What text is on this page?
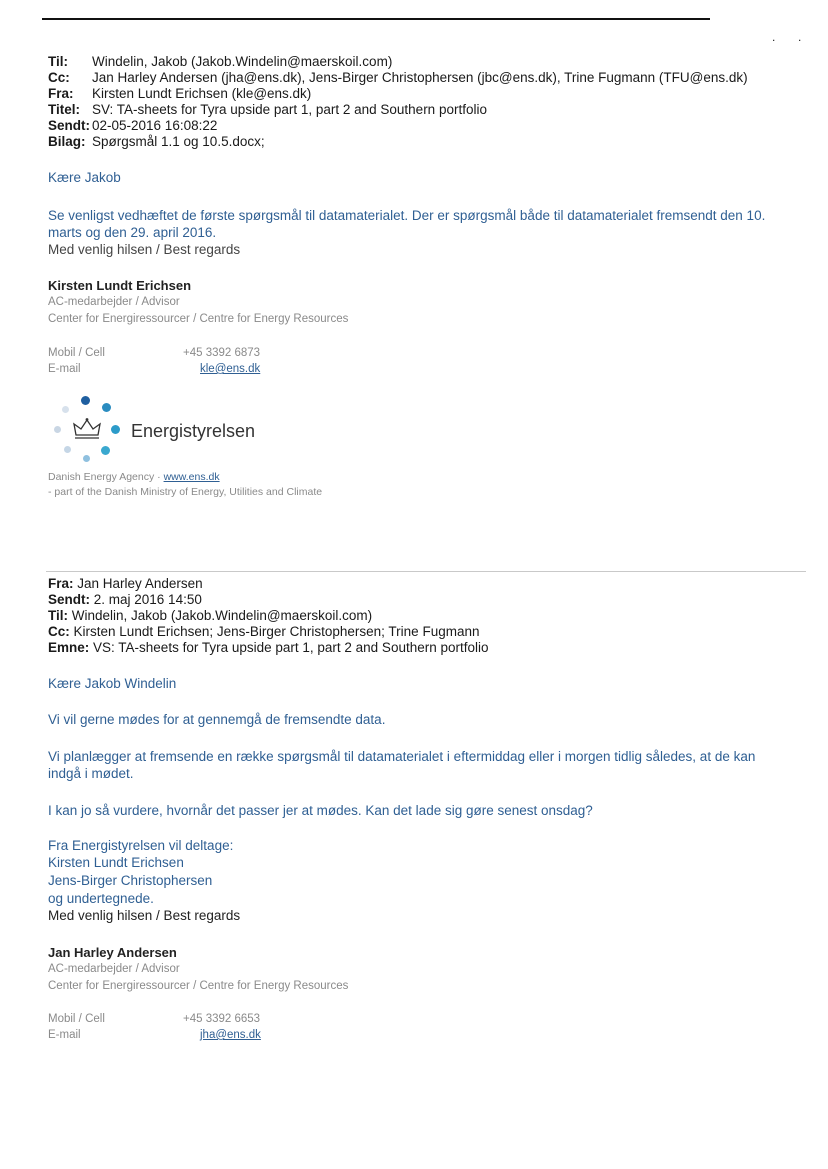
. .
Til: Windelin, Jakob (Jakob.Windelin@maerskoil.com)
Cc: Jan Harley Andersen (jha@ens.dk), Jens-Birger Christophersen (jbc@ens.dk), Trine Fugmann (TFU@ens.dk)
Fra: Kirsten Lundt Erichsen (kle@ens.dk)
Titel: SV: TA-sheets for Tyra upside part 1, part 2 and Southern portfolio
Sendt: 02-05-2016 16:08:22
Bilag: Spørgsmål 1.1 og 10.5.docx;
Kære Jakob
Se venligst vedhæftet de første spørgsmål til datamaterialet. Der er spørgsmål både til datamaterialet fremsendt den 10.
marts og den 29. april 2016.
Med venlig hilsen / Best regards
Kirsten Lundt Erichsen
AC-medarbejder / Advisor
Center for Energiressourcer / Centre for Energy Resources
Mobil / Cell	+45 3392 6873
E-mail	kle@ens.dk
Energistyrelsen
Danish Energy Agency · www.ens.dk
- part of the Danish Ministry of Energy, Utilities and Climate
Fra: Jan Harley Andersen
Sendt: 2. maj 2016 14:50
Til: Windelin, Jakob (Jakob.Windelin@maerskoil.com)
Cc: Kirsten Lundt Erichsen; Jens-Birger Christophersen; Trine Fugmann
Emne: VS: TA-sheets for Tyra upside part 1, part 2 and Southern portfolio
Kære Jakob Windelin
Vi vil gerne mødes for at gennemgå de fremsendte data.
Vi planlægger at fremsende en række spørgsmål til datamaterialet i eftermiddag eller i morgen tidlig således, at de kan
indgå i mødet.
I kan jo så vurdere, hvornår det passer jer at mødes. Kan det lade sig gøre senest onsdag?
Fra Energistyrelsen vil deltage:
Kirsten Lundt Erichsen
Jens-Birger Christophersen
og undertegnede.
Med venlig hilsen / Best regards
Jan Harley Andersen
AC-medarbejder / Advisor
Center for Energiressourcer / Centre for Energy Resources
Mobil / Cell	+45 3392 6653
E-mail	jha@ens.dk
